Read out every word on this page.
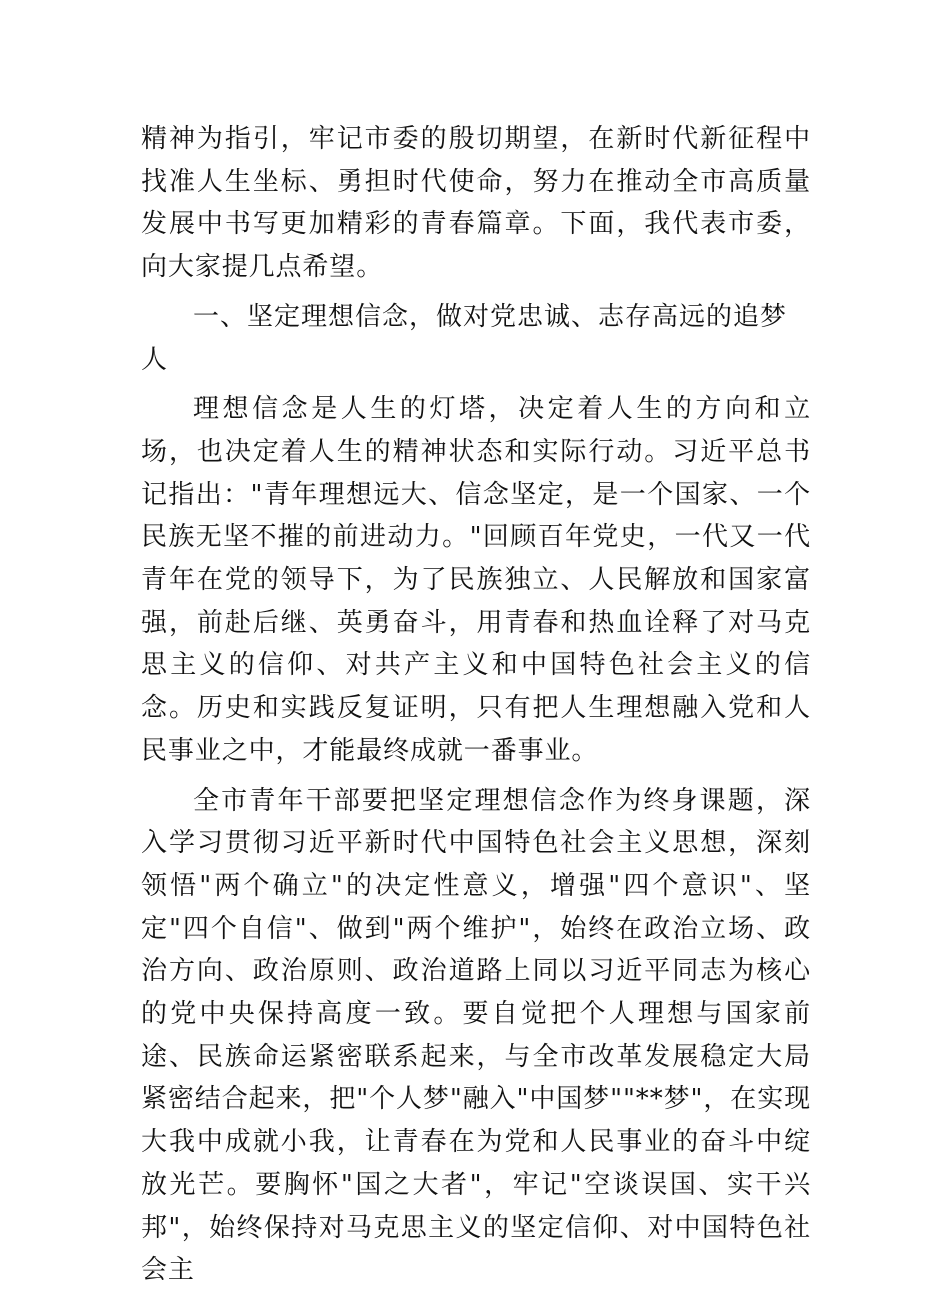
精神为指引，牢记市委的殷切期望，在新时代新征程中找准人生坐标、勇担时代使命，努力在推动全市高质量发展中书写更加精彩的青春篇章。下面，我代表市委，向大家提几点希望。

一、坚定理想信念，做对党忠诚、志存高远的追梦人

理想信念是人生的灯塔，决定着人生的方向和立场，也决定着人生的精神状态和实际行动。习近平总书记指出："青年理想远大、信念坚定，是一个国家、一个民族无坚不摧的前进动力。"回顾百年党史，一代又一代青年在党的领导下，为了民族独立、人民解放和国家富强，前赴后继、英勇奋斗，用青春和热血诠释了对马克思主义的信仰、对共产主义和中国特色社会主义的信念。历史和实践反复证明，只有把人生理想融入党和人民事业之中，才能最终成就一番事业。

全市青年干部要把坚定理想信念作为终身课题，深入学习贯彻习近平新时代中国特色社会主义思想，深刻领悟"两个确立"的决定性意义，增强"四个意识"、坚定"四个自信"、做到"两个维护"，始终在政治立场、政治方向、政治原则、政治道路上同以习近平同志为核心的党中央保持高度一致。要自觉把个人理想与国家前途、民族命运紧密联系起来，与全市改革发展稳定大局紧密结合起来，把"个人梦"融入"中国梦""**梦"，在实现大我中成就小我，让青春在为党和人民事业的奋斗中绽放光芒。要胸怀"国之大者"，牢记"空谈误国、实干兴邦"，始终保持对马克思主义的坚定信仰、对中国特色社会主
